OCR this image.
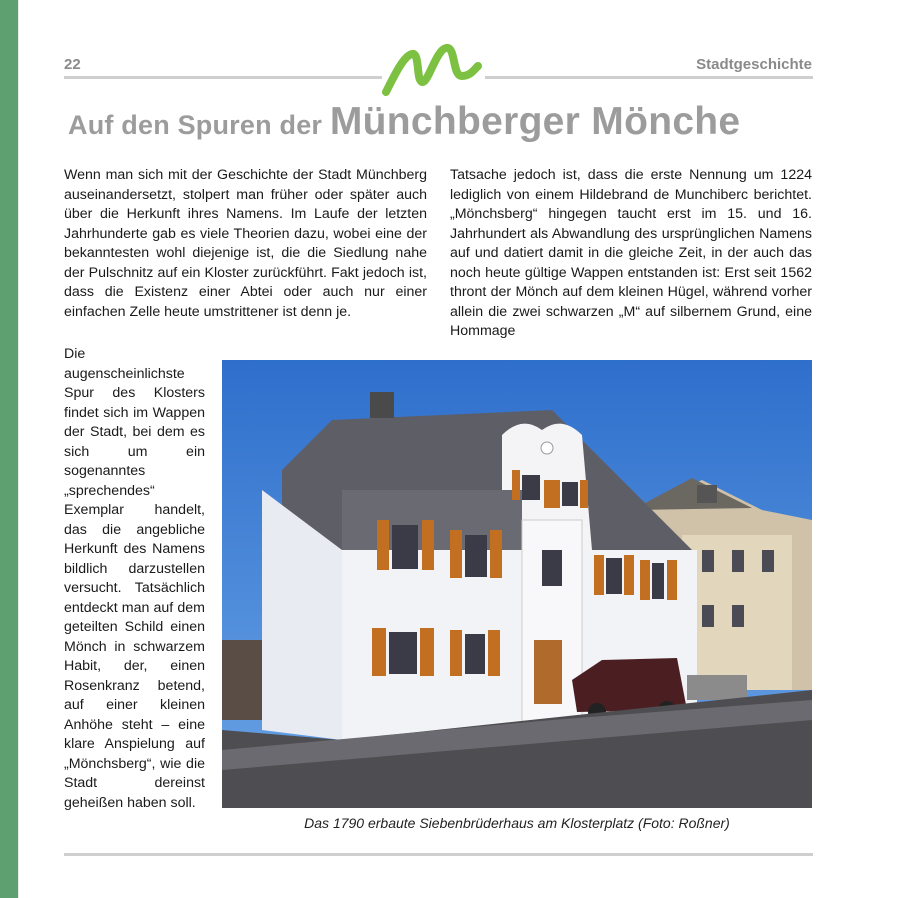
22	Stadtgeschichte
Auf den Spuren der Münchberger Mönche
Wenn man sich mit der Geschichte der Stadt Münchberg auseinandersetzt, stolpert man früher oder später auch über die Herkunft ihres Namens. Im Laufe der letzten Jahrhunderte gab es viele Theorien dazu, wobei eine der bekanntesten wohl diejenige ist, die die Siedlung nahe der Pulschnitz auf ein Kloster zurückführt. Fakt jedoch ist, dass die Existenz einer Abtei oder auch nur einer einfachen Zelle heute umstrittener ist denn je.
Die augenscheinlichste Spur des Klosters findet sich im Wappen der Stadt, bei dem es sich um ein sogenanntes „sprechendes“ Exemplar handelt, das die angebliche Herkunft des Namens bildlich darzustellen versucht. Tatsächlich entdeckt man auf dem geteilten Schild einen Mönch in schwarzem Habit, der, einen Rosenkranz betend, auf einer kleinen Anhöhe steht – eine klare Anspielung auf „Mönchsberg“, wie die Stadt dereinst geheißen haben soll.
Tatsache jedoch ist, dass die erste Nennung um 1224 lediglich von einem Hildebrand de Munchiberc berichtet. „Mönchsberg“ hingegen taucht erst im 15. und 16. Jahrhundert als Abwandlung des ursprünglichen Namens auf und datiert damit in die gleiche Zeit, in der auch das noch heute gültige Wappen entstanden ist: Erst seit 1562 thront der Mönch auf dem kleinen Hügel, während vorher allein die zwei schwarzen „M“ auf silbernem Grund, eine Hommage
Das 1790 erbaute Siebenbrüderhaus am Klosterplatz (Foto: Roßner)
